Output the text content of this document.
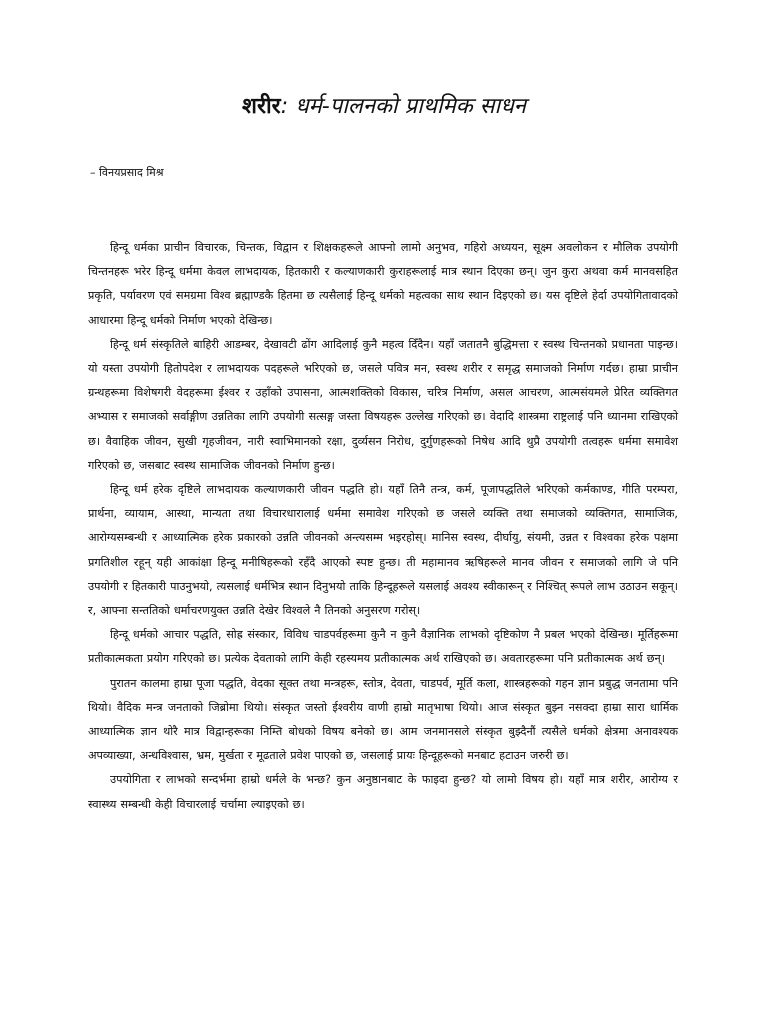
शरीर: धर्म-पालनको प्राथमिक साधन
– विनयप्रसाद मिश्र

हिन्दू धर्मका प्राचीन विचारक, चिन्तक, विद्वान र शिक्षकहरूले आफ्नो लामो अनुभव, गहिरो अध्ययन, सूक्ष्म अवलोकन र मौलिक उपयोगी चिन्तनहरू भरेर हिन्दू धर्ममा केवल लाभदायक, हितकारी र कल्याणकारी कुराहरूलाई मात्र स्थान दिएका छन्। जुन कुरा अथवा कर्म मानवसहित प्रकृति, पर्यावरण एवं समग्रमा विश्व ब्रह्माण्डकै हितमा छ त्यसैलाई हिन्दू धर्मको महत्वका साथ स्थान दिइएको छ। यस दृष्टिले हेर्दा उपयोगितावादको आधारमा हिन्दू धर्मको निर्माण भएको देखिन्छ।

हिन्दू धर्म संस्कृतिले बाहिरी आडम्बर, देखावटी ढोंग आदिलाई कुनै महत्व दिँदैन। यहाँ जतातनै बुद्धिमत्ता र स्वस्थ चिन्तनको प्रधानता पाइन्छ। यो यस्ता उपयोगी हितोपदेश र लाभदायक पदहरूले भरिएको छ, जसले पवित्र मन, स्वस्थ शरीर र समृद्ध समाजको निर्माण गर्दछ। हाम्रा प्राचीन ग्रन्थहरूमा विशेषगरी वेदहरूमा ईश्वर र उहाँको उपासना, आत्मशक्तिको विकास, चरित्र निर्माण, असल आचरण, आत्मसंयमले प्रेरित व्यक्तिगत अभ्यास र समाजको सर्वाङ्गीण उन्नतिका लागि उपयोगी सत्सङ्ग जस्ता विषयहरू उल्लेख गरिएको छ। वेदादि शास्त्रमा राष्ट्रलाई पनि ध्यानमा राखिएको छ। वैवाहिक जीवन, सुखी गृहजीवन, नारी स्वाभिमानको रक्षा, दुर्व्यसन निरोध, दुर्गुणहरूको निषेध आदि थुप्रै उपयोगी तत्वहरू धर्ममा समावेश गरिएको छ, जसबाट स्वस्थ सामाजिक जीवनको निर्माण हुन्छ।

हिन्दू धर्म हरेक दृष्टिले लाभदायक कल्याणकारी जीवन पद्धति हो। यहाँ तिनै तन्त्र, कर्म, पूजापद्धतिले भरिएको कर्मकाण्ड, गीति परम्परा, प्रार्थना, व्यायाम, आस्था, मान्यता तथा विचारधारालाई धर्ममा समावेश गरिएको छ जसले व्यक्ति तथा समाजको व्यक्तिगत, सामाजिक, आरोग्यसम्बन्धी र आध्यात्मिक हरेक प्रकारको उन्नति जीवनको अन्त्यसम्म भइरहोस्। मानिस स्वस्थ, दीर्घायु, संयमी, उन्नत र विश्वका हरेक पक्षमा प्रगतिशील रहून् यही आकांक्षा हिन्दू मनीषिहरूको रहँदै आएको स्पष्ट हुन्छ। ती महामानव ऋषिहरूले मानव जीवन र समाजको लागि जे पनि उपयोगी र हितकारी पाउनुभयो, त्यसलाई धर्मभित्र स्थान दिनुभयो ताकि हिन्दूहरूले यसलाई अवश्य स्वीकारून् र निश्चित् रूपले लाभ उठाउन सकून्। र, आफ्ना सन्ततिको धर्माचरणयुक्त उन्नति देखेर विश्वले नै तिनको अनुसरण गरोस्।

हिन्दू धर्मको आचार पद्धति, सोह्र संस्कार, विविध चाडपर्वहरूमा कुनै न कुनै वैज्ञानिक लाभको दृष्टिकोण नै प्रबल भएको देखिन्छ। मूर्तिहरूमा प्रतीकात्मकता प्रयोग गरिएको छ। प्रत्येक देवताको लागि केही रहस्यमय प्रतीकात्मक अर्थ राखिएको छ। अवतारहरूमा पनि प्रतीकात्मक अर्थ छन्।

पुरातन कालमा हाम्रा पूजा पद्धति, वेदका सूक्त तथा मन्त्रहरू, स्तोत्र, देवता, चाडपर्व, मूर्ति कला, शास्त्रहरूको गहन ज्ञान प्रबुद्ध जनतामा पनि थियो। वैदिक मन्त्र जनताको जिब्रोमा थियो। संस्कृत जस्तो ईश्वरीय वाणी हाम्रो मातृभाषा थियो। आज संस्कृत बुझ्न नसक्दा हाम्रा सारा धार्मिक आध्यात्मिक ज्ञान थोरै मात्र विद्वान्हरूका निम्ति बोधको विषय बनेको छ। आम जनमानसले संस्कृत बुझ्दैनौं त्यसैले धर्मको क्षेत्रमा अनावश्यक अपव्याख्या, अन्धविश्वास, भ्रम, मुर्खता र मूढताले प्रवेश पाएको छ, जसलाई प्रायः हिन्दूहरूको मनबाट हटाउन जरुरी छ।

उपयोगिता र लाभको सन्दर्भमा हाम्रो धर्मले के भन्छ? कुन अनुष्ठानबाट के फाइदा हुन्छ? यो लामो विषय हो। यहाँ मात्र शरीर, आरोग्य र स्वास्थ्य सम्बन्धी केही विचारलाई चर्चामा ल्याइएको छ।
